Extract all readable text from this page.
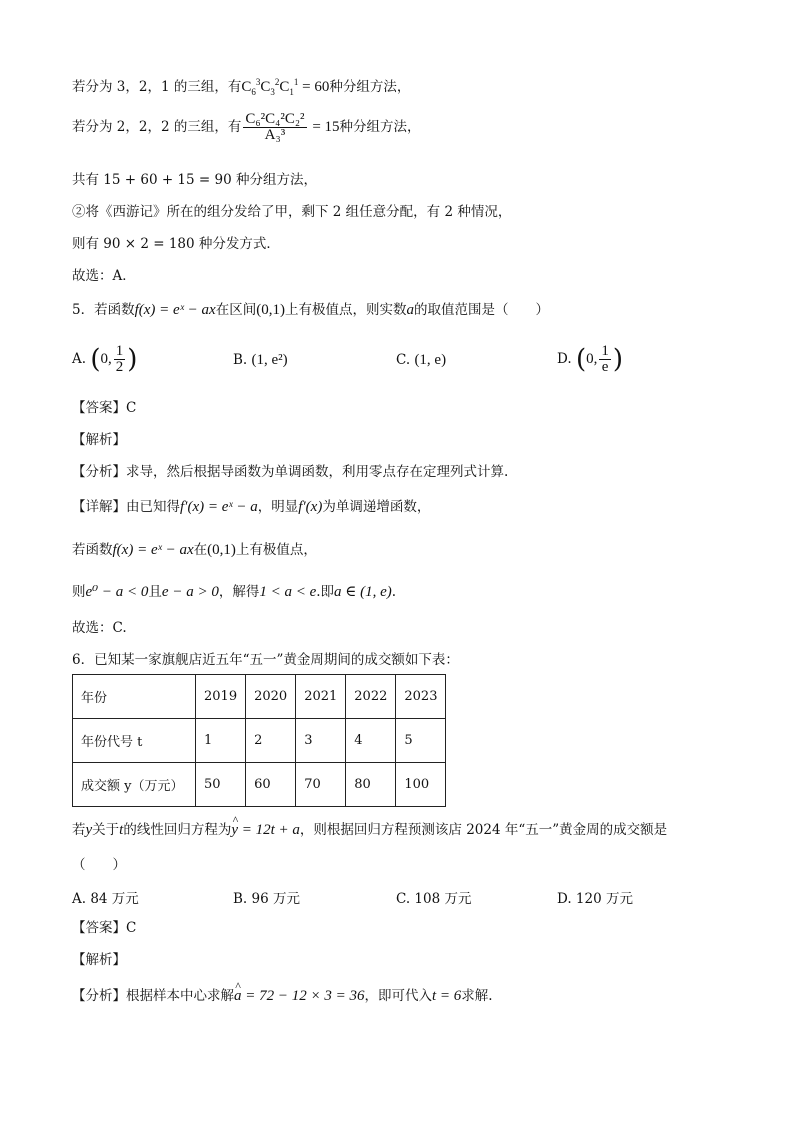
若分为 3，2，1 的三组，有$C_6^3C_3^2C_1^1 = 60$种分组方法，
若分为 2，2，2 的三组，有 $\frac{\text{C₆²C₄²C₂²}}{\text{A₃³}} = 15$种分组方法，
共有 15 + 60 + 15 = 90 种分组方法，
②将《西游记》所在的组分发给了甲，剩下 2 组任意分配，有 2 种情况，
则有 90 × 2 = 180 种分发方式．
故选：A．
5．若函数f(x) = eˣ − ax在区间(0,1)上有极值点，则实数a的取值范围是（　　）
A. (0, $\frac{1}{2}$ )	B. (1, e²)	C. (1, e)	D. (0, $\frac{1}{e}$ )
【答案】C
【解析】
【分析】求导，然后根据导函数为单调函数，利用零点存在定理列式计算.
【详解】由已知得f′(x) = eˣ − a，明显f′(x)为单调递增函数，
若函数f(x) = eˣ − ax在(0,1)上有极值点，
则e⁰ − a < 0且e − a > 0，解得1 < a < e.即a ∈ (1, e).
故选：C.
6．已知某一家旗舰店近五年“五一”黄金周期间的成交额如下表：
年份	2019	2020	2021	2022	2023
年份代号 t	1	2	3	4	5
成交额 y（万元）	50	60	70	80	100
若y关于t的线性回归方程为^ y = 12t + a，则根据回归方程预测该店 2024 年“五一”黄金周的成交额是
（　　）
A. 84 万元	B. 96 万元	C. 108 万元	D. 120 万元
【答案】C
【解析】
【分析】根据样本中心求解^ a = 72 − 12 × 3 = 36，即可代入t = 6求解.
